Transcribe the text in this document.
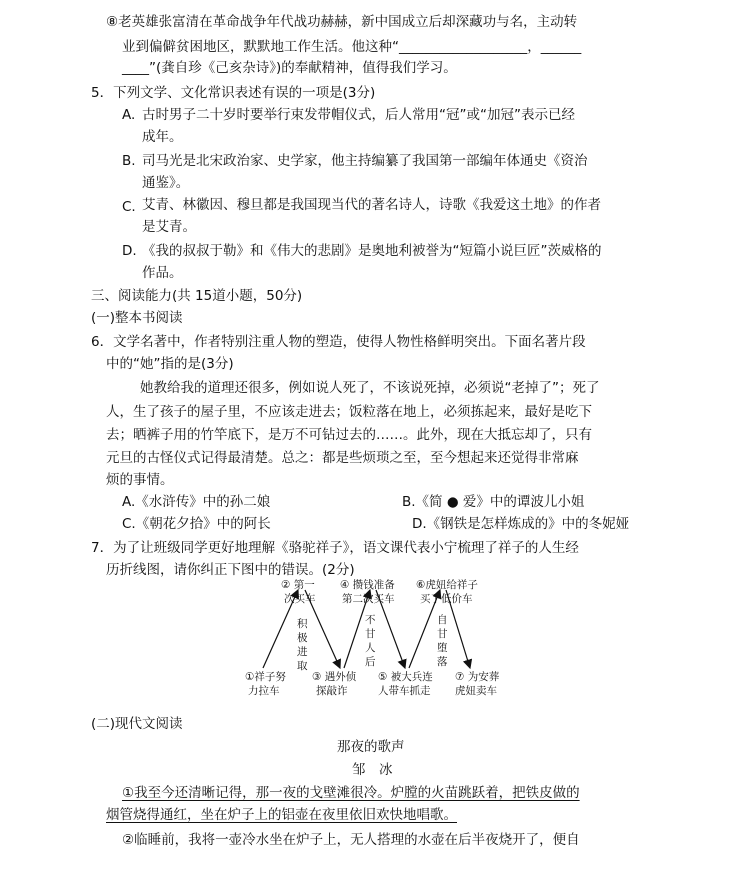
⑧老英雄张富清在革命战争年代战功赫赫，新中国成立后却深藏功与名，主动转
业到偏僻贫困地区，默默地工作生活。他这种“___________________，______
____”(龚自珍《己亥杂诗》)的奉献精神，值得我们学习。
5．下列文学、文化常识表述有误的一项是(3分)
A. 古时男子二十岁时要举行束发带帽仪式，后人常用“冠”或“加冠”表示已经
成年。
B. 司马光是北宋政治家、史学家，他主持编纂了我国第一部编年体通史《资治
通鉴》。
C. 艾青、林徽因、穆旦都是我国现当代的著名诗人，诗歌《我爱这土地》的作者
是艾青。
D. 《我的叔叔于勒》和《伟大的悲剧》是奥地利被誉为“短篇小说巨匠”茨威格的
作品。
三、阅读能力(共 15道小题，50分)
(一)整本书阅读
6．文学名著中，作者特别注重人物的塑造，使得人物性格鲜明突出。下面名著片段
中的“她”指的是(3分)
她教给我的道理还很多，例如说人死了，不该说死掉，必须说“老掉了”；死了
人，生了孩子的屋子里，不应该走进去；饭粒落在地上，必须拣起来，最好是吃下
去；晒裤子用的竹竿底下，是万不可钻过去的……。此外，现在大抵忘却了，只有
元旦的古怪仪式记得最清楚。总之：都是些烦琐之至，至今想起来还觉得非常麻
烦的事情。
A.《水浒传》中的孙二娘	B.《简 ● 爱》中的谭波儿小姐
C.《朝花夕拾》中的阿长	D.《钢铁是怎样炼成的》中的冬妮娅
7．为了让班级同学更好地理解《骆驼祥子》，语文课代表小宁梳理了祥子的人生经
历折线图，请你纠正下图中的错误。(2分)
② 第一
次买车
④ 攒钱准备
第二次买车
⑥虎妞给祥子
买了低价车
积
极
进
取
不
甘
人
后
自
甘
堕
落
①祥子努
力拉车
③ 遇外侦
探敲诈
⑤ 被大兵连
人带车抓走
⑦ 为安葬
虎妞卖车
(二)现代文阅读
那夜的歌声
邹　冰
①我至今还清晰记得，那一夜的戈壁滩很冷。炉膛的火苗跳跃着，把铁皮做的
烟管烧得通红，坐在炉子上的铝壶在夜里依旧欢快地唱歌。
②临睡前，我将一壶冷水坐在炉子上，无人搭理的水壶在后半夜烧开了，便自
